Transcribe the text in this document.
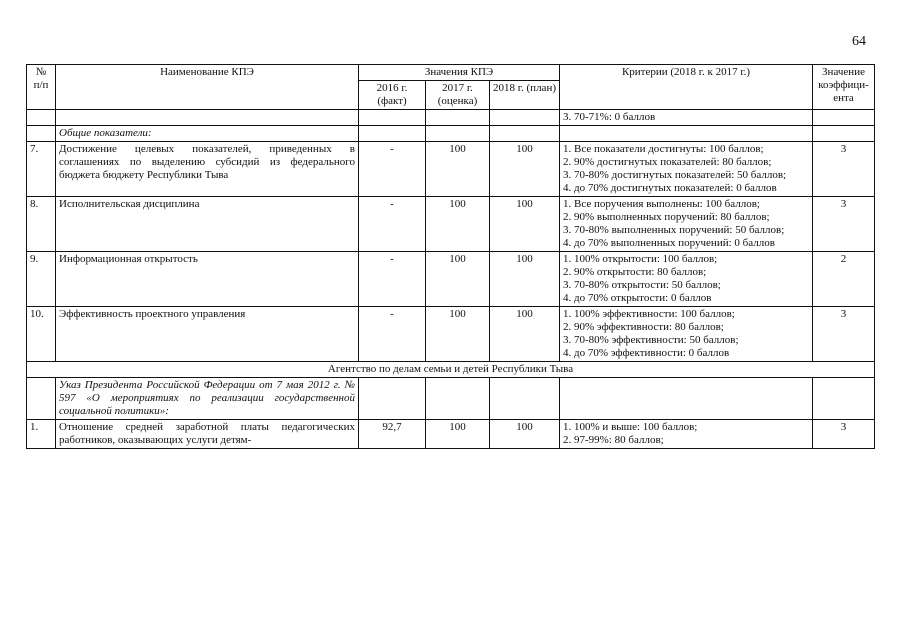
64
№ п/п	Наименование КПЭ	Значения КПЭ			Критерии (2018 г. к 2017 г.)	Значение коэффици-ента
		2016 г. (факт)	2017 г. (оценка)	2018 г. (план)		
					3. 70-71%: 0 баллов	
	Общие показатели:					
7.	Достижение целевых показателей, приведенных в соглашениях по выделению субсидий из федерального бюджета бюджету Республики Тыва	-	100	100	1. Все показатели достигнуты: 100 баллов;
2. 90% достигнутых показателей: 80 баллов;
3. 70-80% достигнутых показателей: 50 баллов;
4. до 70% достигнутых показателей: 0 баллов	3
8.	Исполнительская дисциплина	-	100	100	1. Все поручения выполнены: 100 баллов;
2. 90% выполненных поручений: 80 баллов;
3. 70-80% выполненных поручений: 50 баллов;
4. до 70% выполненных поручений: 0 баллов	3
9.	Информационная открытость	-	100	100	1. 100% открытости: 100 баллов;
2. 90% открытости: 80 баллов;
3. 70-80% открытости: 50 баллов;
4. до 70% открытости: 0 баллов	2
10.	Эффективность проектного управления	-	100	100	1. 100% эффективности: 100 баллов;
2. 90% эффективности: 80 баллов;
3. 70-80% эффективности: 50 баллов;
4. до 70% эффективности: 0 баллов	3
Агентство по делам семьи и детей Республики Тыва						
	Указ Президента Российской Федерации от 7 мая 2012 г. № 597 «О мероприятиях по реализации государственной социальной политики»:					
1.	Отношение средней заработной платы педагогических работников, оказывающих услуги детям-	92,7	100	100	1. 100% и выше: 100 баллов;
2. 97-99%: 80 баллов;	3
